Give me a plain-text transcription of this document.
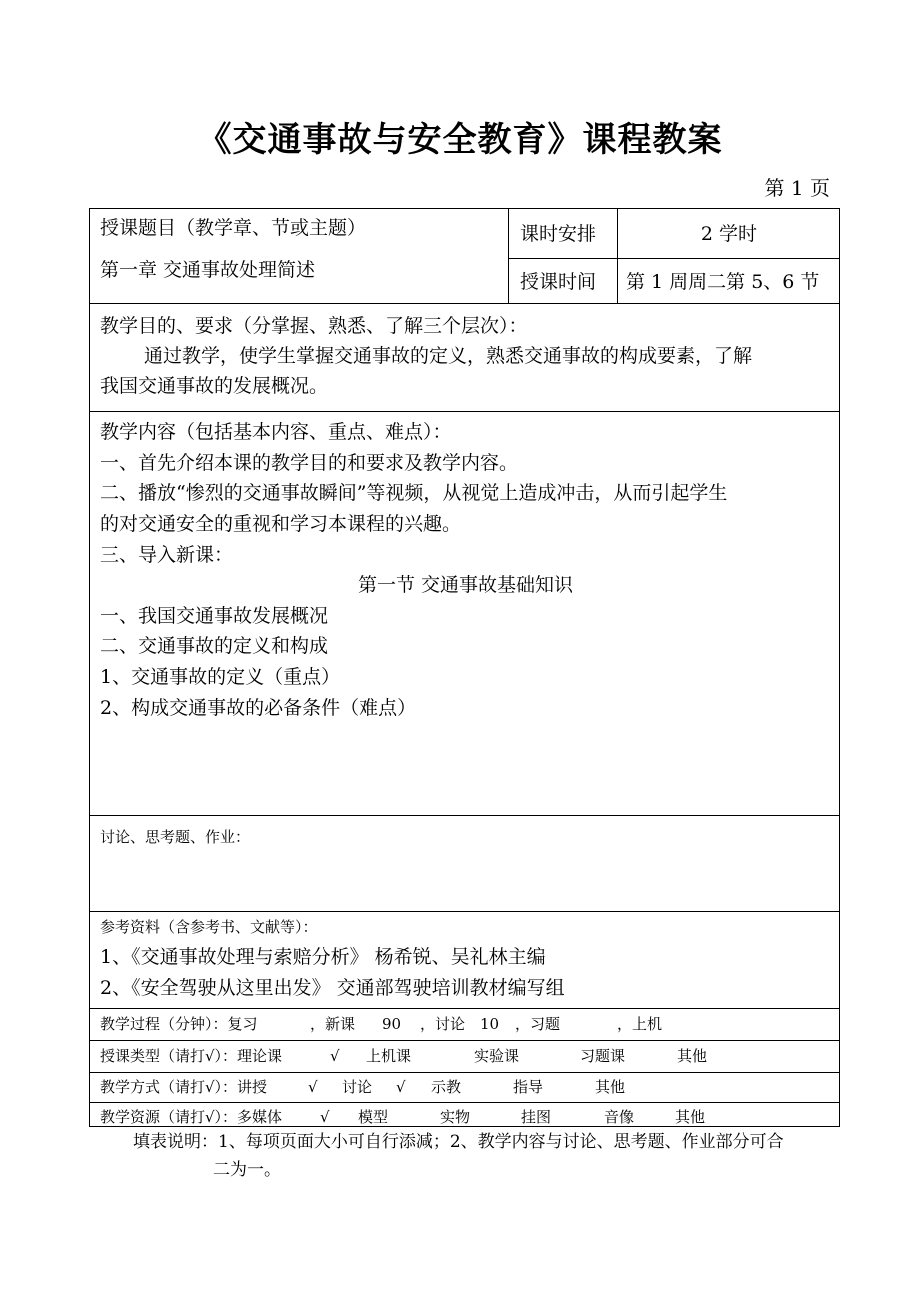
《交通事故与安全教育》课程教案
第 1 页
授课题目（教学章、节或主题）
第一章 交通事故处理简述
课时安排	2 学时
授课时间 第 1 周周二第 5、6 节
教学目的、要求（分掌握、熟悉、了解三个层次）：
通过教学，使学生掌握交通事故的定义，熟悉交通事故的构成要素，了解
我国交通事故的发展概况。
教学内容（包括基本内容、重点、难点）：
一、首先介绍本课的教学目的和要求及教学内容。
二、播放“惨烈的交通事故瞬间”等视频，从视觉上造成冲击，从而引起学生
的对交通安全的重视和学习本课程的兴趣。
三、导入新课：
第一节 交通事故基础知识
一、我国交通事故发展概况
二、交通事故的定义和构成
1、交通事故的定义（重点）
2、构成交通事故的必备条件（难点）
讨论、思考题、作业：
参考资料（含参考书、文献等）：
1、《交通事故处理与索赔分析》 杨希锐、吴礼林主编
2、《安全驾驶从这里出发》 交通部驾驶培训教材编写组
教学过程（分钟）：复习	，新课 90 ，讨论 10 ，习题	，上机
授课类型（请打√）：理论课	√ 上机课	实验课	习题课	其他
教学方式（请打√）：讲授	√ 讨论 √ 示教	指导	其他
教学资源（请打√）：多媒体	√ 模型	实物	挂图	音像	其他
填表说明：1、每项页面大小可自行添减；2、教学内容与讨论、思考题、作业部分可合
二为一。
